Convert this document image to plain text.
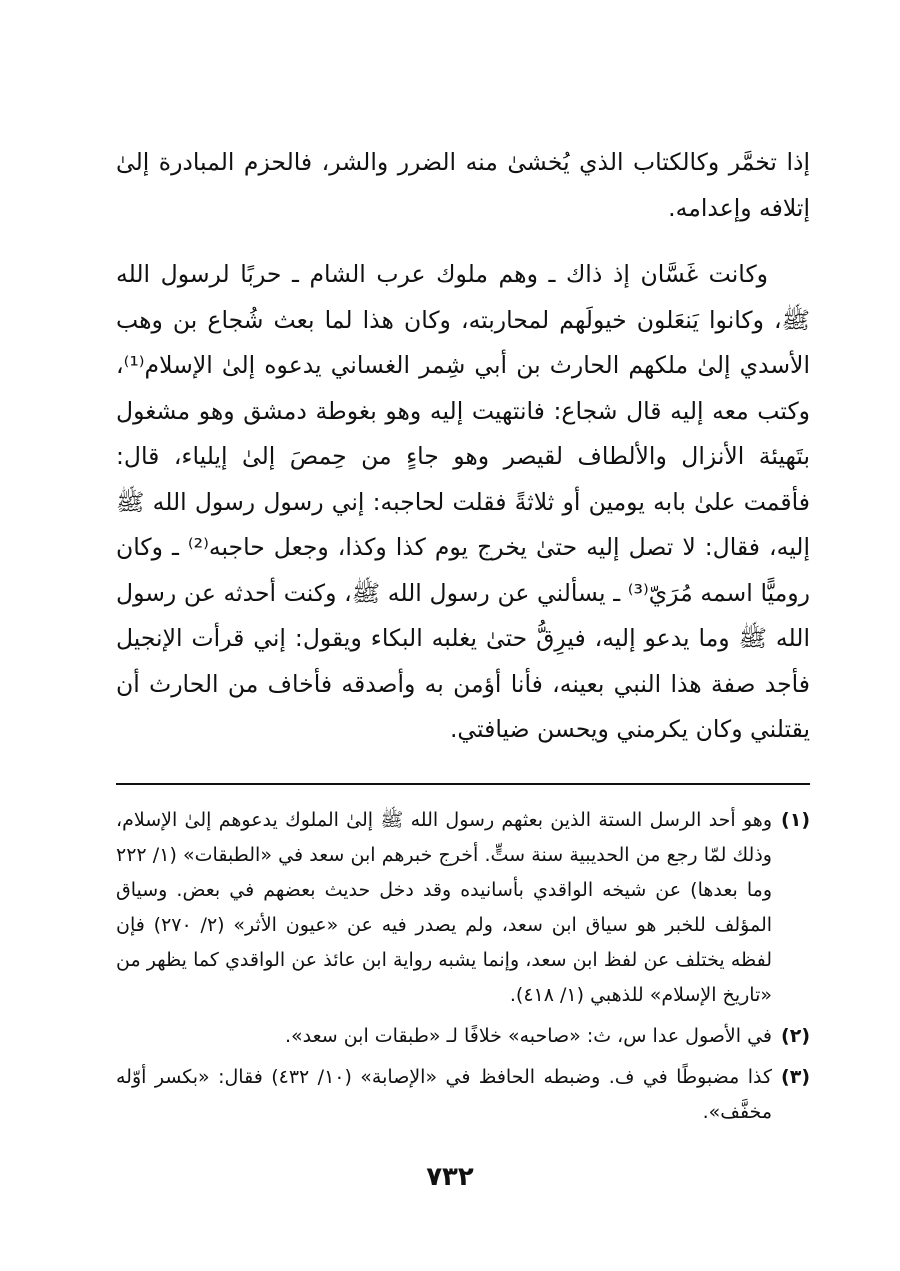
إذا تخمَّر وكالكتاب الذي يُخشىٰ منه الضرر والشر، فالحزم المبادرة إلىٰ إتلافه وإعدامه.

وكانت غَسَّان إذ ذاك ـ وهم ملوك عرب الشام ـ حربًا لرسول الله ﷺ، وكانوا يَنعَلون خيولَهم لمحاربته، وكان هذا لما بعث شُجاع بن وهب الأسدي إلىٰ ملكهم الحارث بن أبي شِمر الغساني يدعوه إلىٰ الإسلام⁽¹⁾، وكتب معه إليه قال شجاع: فانتهيت إليه وهو بغوطة دمشق وهو مشغول بتَهيئة الأنزال والألطاف لقيصر وهو جاءٍ من حِمصَ إلىٰ إيلياء، قال: فأقمت علىٰ بابه يومين أو ثلاثةً فقلت لحاجبه: إني رسول رسول الله ﷺ إليه، فقال: لا تصل إليه حتىٰ يخرج يوم كذا وكذا، وجعل حاجبه⁽²⁾ ـ وكان روميًّا اسمه مُرَيّ⁽³⁾ ـ يسألني عن رسول الله ﷺ، وكنت أحدثه عن رسول الله ﷺ وما يدعو إليه، فيرِقُّ حتىٰ يغلبه البكاء ويقول: إني قرأت الإنجيل فأجد صفة هذا النبي بعينه، فأنا أؤمن به وأصدقه فأخاف من الحارث أن يقتلني وكان يكرمني ويحسن ضيافتي.

(١)
وهو أحد الرسل الستة الذين بعثهم رسول الله ﷺ إلىٰ الملوك يدعوهم إلىٰ الإسلام، وذلك لمّا رجع من الحديبية سنة ستٍّ. أخرج خبرهم ابن سعد في «الطبقات» (١/ ٢٢٢ وما بعدها) عن شيخه الواقدي بأسانيده وقد دخل حديث بعضهم في بعض. وسياق المؤلف للخبر هو سياق ابن سعد، ولم يصدر فيه عن «عيون الأثر» (٢/ ٢٧٠) فإن لفظه يختلف عن لفظ ابن سعد، وإنما يشبه رواية ابن عائذ عن الواقدي كما يظهر من «تاريخ الإسلام» للذهبي (١/ ٤١٨).
(٢)
في الأصول عدا س، ث: «صاحبه» خلافًا لـ «طبقات ابن سعد».
(٣)
كذا مضبوطًا في ف. وضبطه الحافظ في «الإصابة» (١٠/ ٤٣٢) فقال: «بكسر أوّله مخفَّف».
٧٣٢
